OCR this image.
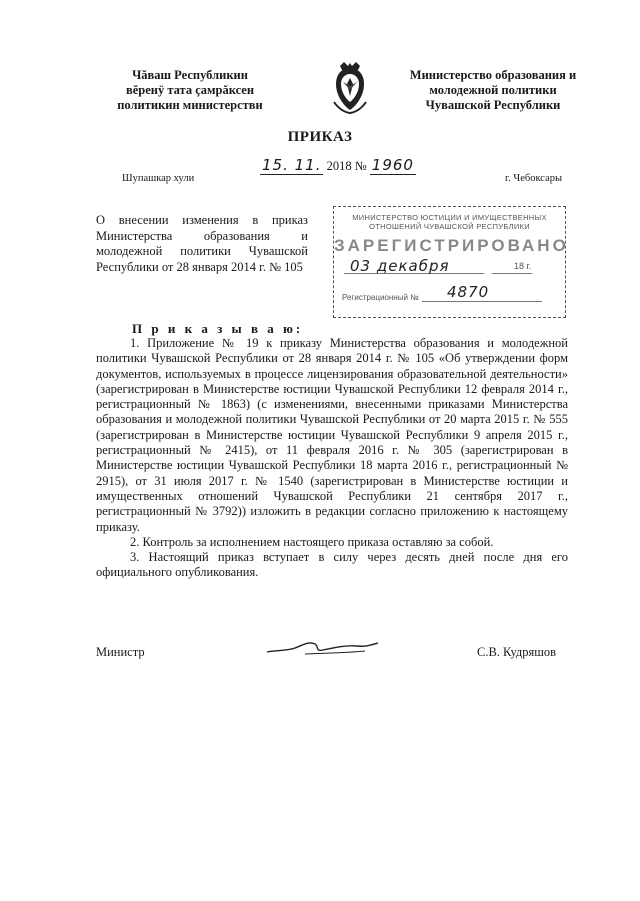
Чăваш Республикин
вĕренÿ тата çамрăксен
политикин министерстви
Министерство образования и
молодежной политики
Чувашской Республики
ПРИКАЗ
15. 11. 2018 № 1960
Шупашкар хули	г. Чебоксары
О внесении изменения в приказ Министерства образования и молодежной политики Чувашской Республики от 28 января 2014 г. № 105
МИНИСТЕРСТВО ЮСТИЦИИ И ИМУЩЕСТВЕННЫХ ОТНОШЕНИЙ ЧУВАШСКОЙ РЕСПУБЛИКИ
ЗАРЕГИСТРИРОВАНО
03 декабря	18 г.
Регистрационный № 4870
П р и к а з ы в а ю:

1. Приложение № 19 к приказу Министерства образования и молодежной политики Чувашской Республики от 28 января 2014 г. № 105 «Об утверждении форм документов, используемых в процессе лицензирования образовательной деятельности» (зарегистрирован в Министерстве юстиции Чувашской Республики 12 февраля 2014 г., регистрационный № 1863) (с изменениями, внесенными приказами Министерства образования и молодежной политики Чувашской Республики от 20 марта 2015 г. № 555 (зарегистрирован в Министерстве юстиции Чувашской Республики 9 апреля 2015 г., регистрационный № 2415), от 11 февраля 2016 г. № 305 (зарегистрирован в Министерстве юстиции Чувашской Республики 18 марта 2016 г., регистрационный № 2915), от 31 июля 2017 г. № 1540 (зарегистрирован в Министерстве юстиции и имущественных отношений Чувашской Республики 21 сентября 2017 г., регистрационный № 3792)) изложить в редакции согласно приложению к настоящему приказу.

2. Контроль за исполнением настоящего приказа оставляю за собой.

3. Настоящий приказ вступает в силу через десять дней после дня его официального опубликования.

Министр	С.В. Кудряшов
